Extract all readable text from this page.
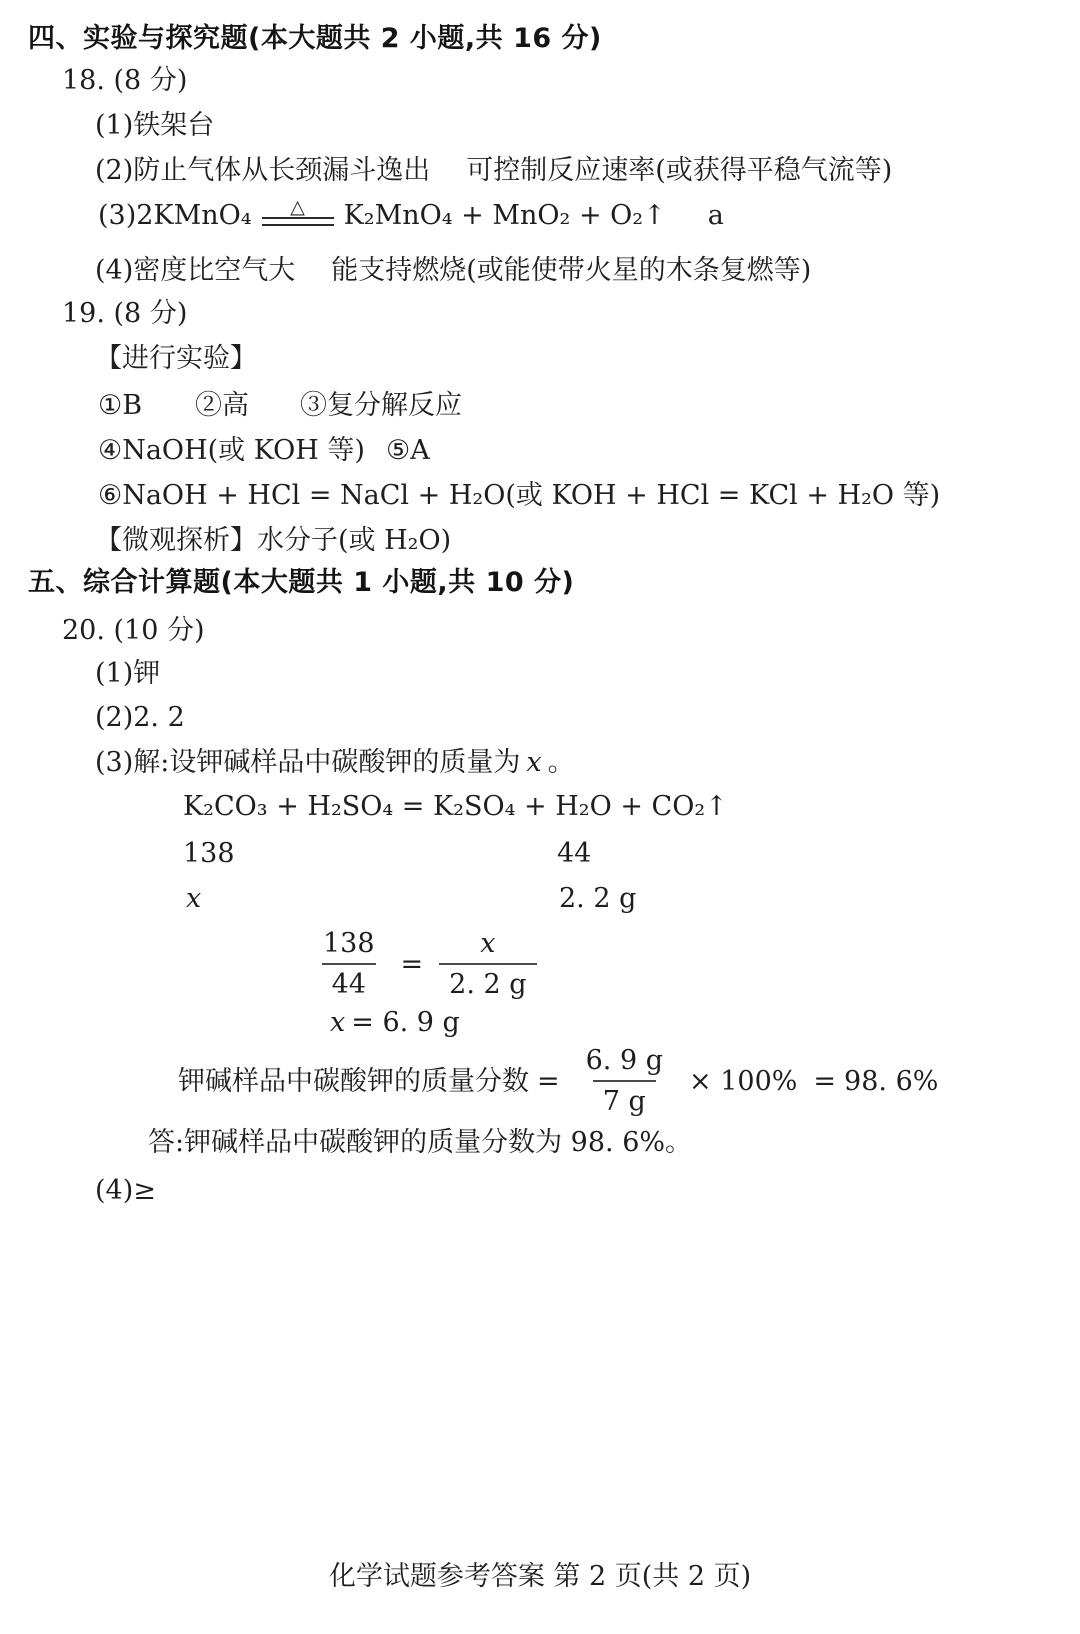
四、实验与探究题(本大题共 2 小题,共 16 分)
18. (8 分)
(1)铁架台
(2)防止气体从长颈漏斗逸出 可控制反应速率(或获得平稳气流等)
(3)2KMnO₄ △ K₂MnO₄ + MnO₂ + O₂↑ a
(4)密度比空气大 能支持燃烧(或能使带火星的木条复燃等)
19. (8 分)
【进行实验】
①B	②高	③复分解反应
④NaOH(或 KOH 等) ⑤A
⑥NaOH + HCl = NaCl + H₂O(或 KOH + HCl = KCl + H₂O 等)
【微观探析】水分子(或 H₂O)
五、综合计算题(本大题共 1 小题,共 10 分)
20. (10 分)
(1)钾
(2)2. 2
(3)解:设钾碱样品中碳酸钾的质量为 x 。
K₂CO₃ + H₂SO₄ = K₂SO₄ + H₂O + CO₂↑
138	44
x	2. 2 g
$\frac{138}{44} = \frac{x}{2. 2 g}$
x = 6. 9 g
钾碱样品中碳酸钾的质量分数 = $\frac{6. 9 g}{7 g} \times 100\% = 98$. 6%
答:钾碱样品中碳酸钾的质量分数为 98. 6%。
(4)≥
化学试题参考答案 第 2 页(共 2 页)
